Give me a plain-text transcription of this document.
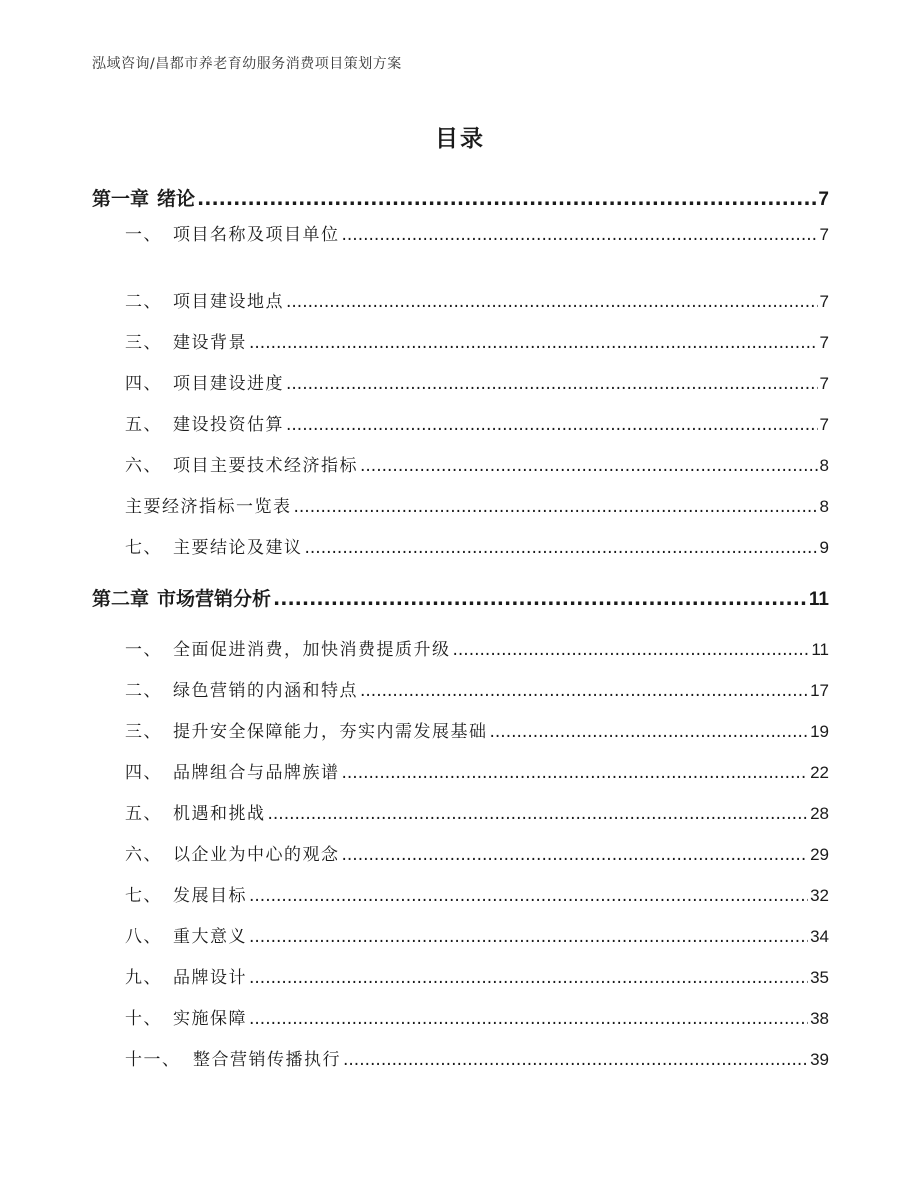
泓域咨询/昌都市养老育幼服务消费项目策划方案
目录
第一章 绪论 .....	7
一、 项目名称及项目单位 .....	7
二、 项目建设地点 .....	7
三、 建设背景 .....	7
四、 项目建设进度 .....	7
五、 建设投资估算 .....	7
六、 项目主要技术经济指标 .....	8
主要经济指标一览表 .....	8
七、 主要结论及建议 .....	9
第二章 市场营销分析 .....	11
一、 全面促进消费，加快消费提质升级 .....	11
二、 绿色营销的内涵和特点 .....	17
三、 提升安全保障能力，夯实内需发展基础 .....	19
四、 品牌组合与品牌族谱 .....	22
五、 机遇和挑战 .....	28
六、 以企业为中心的观念 .....	29
七、 发展目标 .....	32
八、 重大意义 .....	34
九、 品牌设计 .....	35
十、 实施保障 .....	38
十一、 整合营销传播执行 .....	39
